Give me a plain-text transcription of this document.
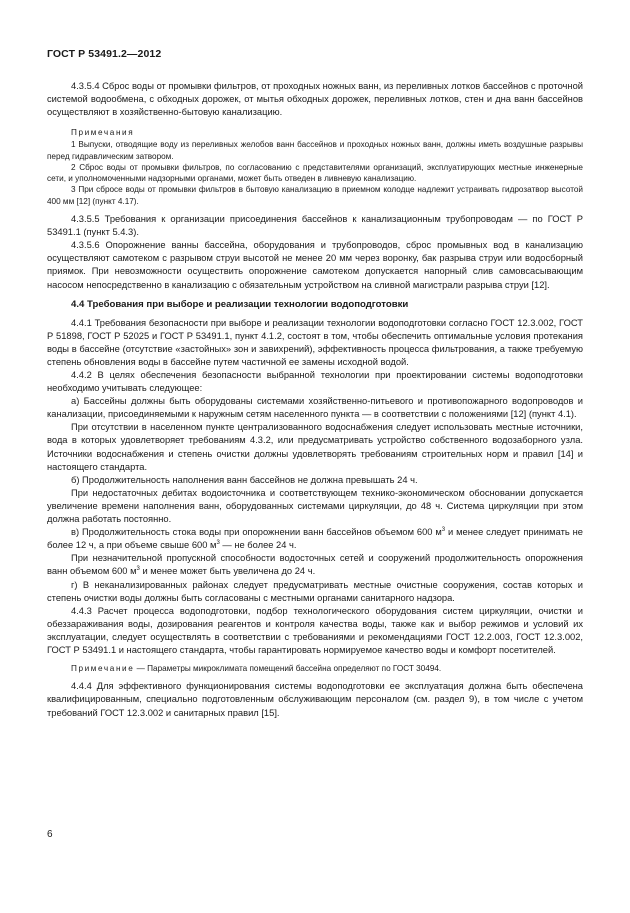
ГОСТ Р 53491.2—2012

4.3.5.4 Сброс воды от промывки фильтров, от проходных ножных ванн, из переливных лотков бассейнов с проточной системой водообмена, с обходных дорожек, от мытья обходных дорожек, переливных лотков, стен и дна ванн бассейнов осуществляют в хозяйственно-бытовую канализацию.

Примечания

1 Выпуски, отводящие воду из переливных желобов ванн бассейнов и проходных ножных ванн, должны иметь воздушные разрывы перед гидравлическим затвором.

2 Сброс воды от промывки фильтров, по согласованию с представителями организаций, эксплуатирующих местные инженерные сети, и уполномоченными надзорными органами, может быть отведен в ливневую канализацию.

3 При сбросе воды от промывки фильтров в бытовую канализацию в приемном колодце надлежит устраивать гидрозатвор высотой 400 мм [12] (пункт 4.17).

4.3.5.5 Требования к организации присоединения бассейнов к канализационным трубопроводам — по ГОСТ Р 53491.1 (пункт 5.4.3).

4.3.5.6 Опорожнение ванны бассейна, оборудования и трубопроводов, сброс промывных вод в канализацию осуществляют самотеком с разрывом струи высотой не менее 20 мм через воронку, бак разрыва струи или водосборный приямок. При невозможности осуществить опорожнение самотеком допускается напорный слив самовсасывающим насосом непосредственно в канализацию с обязательным устройством на сливной магистрали разрыва струи [12].

4.4 Требования при выборе и реализации технологии водоподготовки

4.4.1 Требования безопасности при выборе и реализации технологии водоподготовки согласно ГОСТ 12.3.002, ГОСТ Р 51898, ГОСТ Р 52025 и ГОСТ Р 53491.1, пункт 4.1.2, состоят в том, чтобы обеспечить оптимальные условия протекания воды в бассейне (отсутствие «застойных» зон и завихрений), эффективность процесса фильтрования, а также требуемую степень обновления воды в бассейне путем частичной ее замены исходной водой.

4.4.2 В целях обеспечения безопасности выбранной технологии при проектировании системы водоподготовки необходимо учитывать следующее:

а) Бассейны должны быть оборудованы системами хозяйственно-питьевого и противопожарного водопроводов и канализации, присоединяемыми к наружным сетям населенного пункта — в соответствии с положениями [12] (пункт 4.1).

При отсутствии в населенном пункте централизованного водоснабжения следует использовать местные источники, вода в которых удовлетворяет требованиям 4.3.2, или предусматривать устройство собственного водозаборного узла. Источники водоснабжения и степень очистки должны удовлетворять требованиям строительных норм и правил [14] и настоящего стандарта.

б) Продолжительность наполнения ванн бассейнов не должна превышать 24 ч.

При недостаточных дебитах водоисточника и соответствующем технико-экономическом обосновании допускается увеличение времени наполнения ванн, оборудованных системами циркуляции, до 48 ч. Система циркуляции при этом должна работать постоянно.

в) Продолжительность стока воды при опорожнении ванн бассейнов объемом 600 $м^3$ и менее следует принимать не более 12 ч, а при объеме свыше 600 $м^3$ — не более 24 ч.

При незначительной пропускной способности водосточных сетей и сооружений продолжительность опорожнения ванн объемом 600 $м^3$ и менее может быть увеличена до 24 ч.

г) В неканализированных районах следует предусматривать местные очистные сооружения, состав которых и степень очистки воды должны быть согласованы с местными органами санитарного надзора.

4.4.3 Расчет процесса водоподготовки, подбор технологического оборудования систем циркуляции, очистки и обеззараживания воды, дозирования реагентов и контроля качества воды, также как и выбор режимов и условий их эксплуатации, следует осуществлять в соответствии с требованиями и рекомендациями ГОСТ 12.2.003, ГОСТ 12.3.002, ГОСТ Р 53491.1 и настоящего стандарта, чтобы гарантировать нормируемое качество воды и комфорт посетителей.

Примечание — Параметры микроклимата помещений бассейна определяют по ГОСТ 30494.

4.4.4 Для эффективного функционирования системы водоподготовки ее эксплуатация должна быть обеспечена квалифицированным, специально подготовленным обслуживающим персоналом (см. раздел 9), в том числе с учетом требований ГОСТ 12.3.002 и санитарных правил [15].

6
